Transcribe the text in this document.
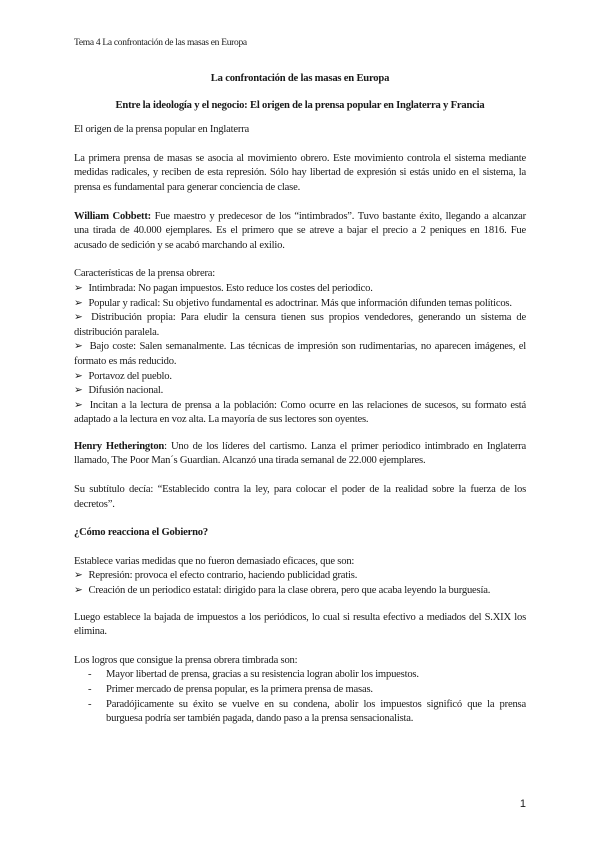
Tema 4 La confrontación de las masas en Europa
La confrontación de las masas en Europa
Entre la ideología y el negocio: El origen de la prensa popular en Inglaterra y Francia
El origen de la prensa popular en Inglaterra

La primera prensa de masas se asocia al movimiento obrero. Este movimiento controla el sistema mediante medidas radicales, y reciben de esta represión. Sólo hay libertad de expresión si estás unido en el sistema, la prensa es fundamental para generar conciencia de clase.

William Cobbett: Fue maestro y predecesor de los “intimbrados”. Tuvo bastante éxito, llegando a alcanzar una tirada de 40.000 ejemplares. Es el primero que se atreve a bajar el precio a 2 peniques en 1816. Fue acusado de sedición y se acabó marchando al exilio.

Características de la prensa obrera:
➢ Intimbrada: No pagan impuestos. Esto reduce los costes del periodico.
➢ Popular y radical: Su objetivo fundamental es adoctrinar. Más que información difunden temas políticos.
➢ Distribución propia: Para eludir la censura tienen sus propios vendedores, generando un sistema de distribución paralela.
➢ Bajo coste: Salen semanalmente. Las técnicas de impresión son rudimentarias, no aparecen imágenes, el formato es más reducido.
➢ Portavoz del pueblo.
➢ Difusión nacional.
➢ Incitan a la lectura de prensa a la población: Como ocurre en las relaciones de sucesos, su formato está adaptado a la lectura en voz alta. La mayoría de sus lectores son oyentes.

Henry Hetherington: Uno de los líderes del cartismo. Lanza el primer periodico intimbrado en Inglaterra llamado, The Poor Man´s Guardian. Alcanzó una tirada semanal de 22.000 ejemplares.

Su subtítulo decía: “Establecido contra la ley, para colocar el poder de la realidad sobre la fuerza de los decretos”.

¿Cómo reacciona el Gobierno?
Establece varias medidas que no fueron demasiado eficaces, que son:
➢ Represión: provoca el efecto contrario, haciendo publicidad gratis.
➢ Creación de un periodico estatal: dirigido para la clase obrera, pero que acaba leyendo la burguesía.

Luego establece la bajada de impuestos a los periódicos, lo cual si resulta efectivo a mediados del S.XIX los elimina.

Los logros que consigue la prensa obrera timbrada son:
- Mayor libertad de prensa, gracias a su resistencia logran abolir los impuestos.
- Primer mercado de prensa popular, es la primera prensa de masas.
- Paradójicamente su éxito se vuelve en su condena, abolir los impuestos significó que la prensa burguesa podría ser también pagada, dando paso a la prensa sensacionalista.
1
